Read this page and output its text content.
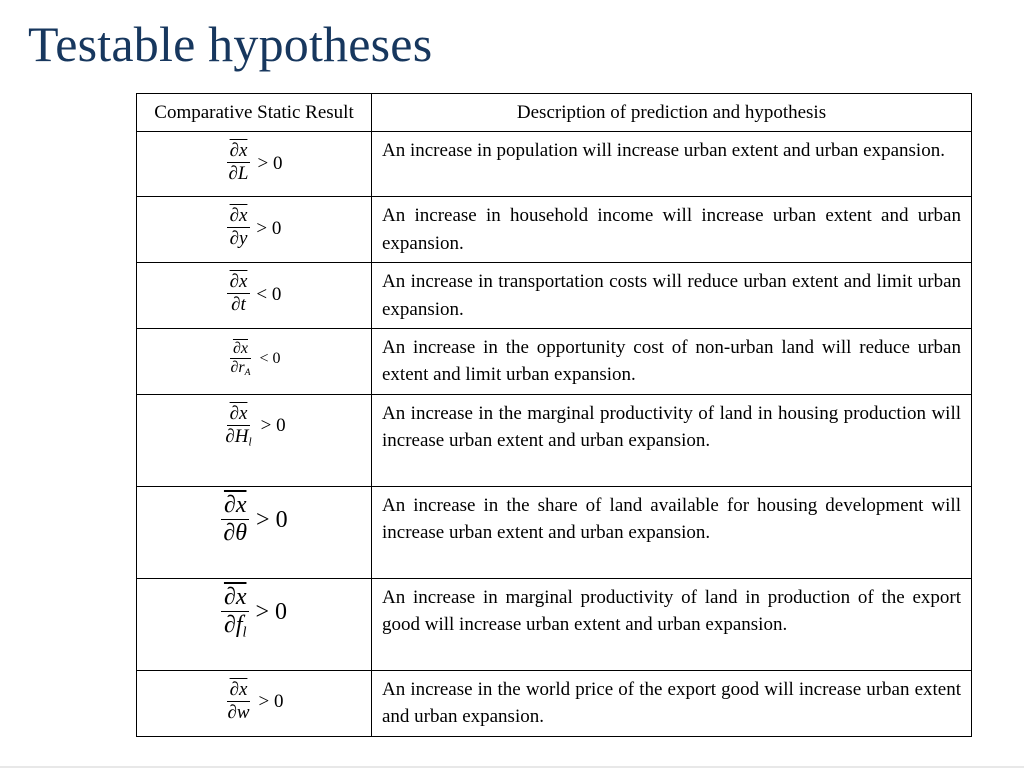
Testable hypotheses
Comparative Static Result	Description of prediction and hypothesis

$\frac{\partial x}{\partial L} > 0$	An increase in population will increase urban extent and urban expansion.

$\frac{\partial x}{\partial y} > 0$	An increase in household income will increase urban extent and urban expansion.

$\frac{\partial x}{\partial t} < 0$	An increase in transportation costs will reduce urban extent and limit urban expansion.

$\frac{\partial x}{\partial r_A} < 0$	An increase in the opportunity cost of non-urban land will reduce urban extent and limit urban expansion.

$\frac{\partial x}{\partial H_l} > 0$	An increase in the marginal productivity of land in housing production will increase urban extent and urban expansion.

$\frac{\partial x}{\partial\theta} > 0$	An increase in the share of land available for housing development will increase urban extent and urban expansion.

$\frac{\partial x}{\partial f_l} > 0$	An increase in marginal productivity of land in production of the export good will increase urban extent and urban expansion.

$\frac{\partial x}{\partial w} > 0$	An increase in the world price of the export good will increase urban extent and urban expansion.
